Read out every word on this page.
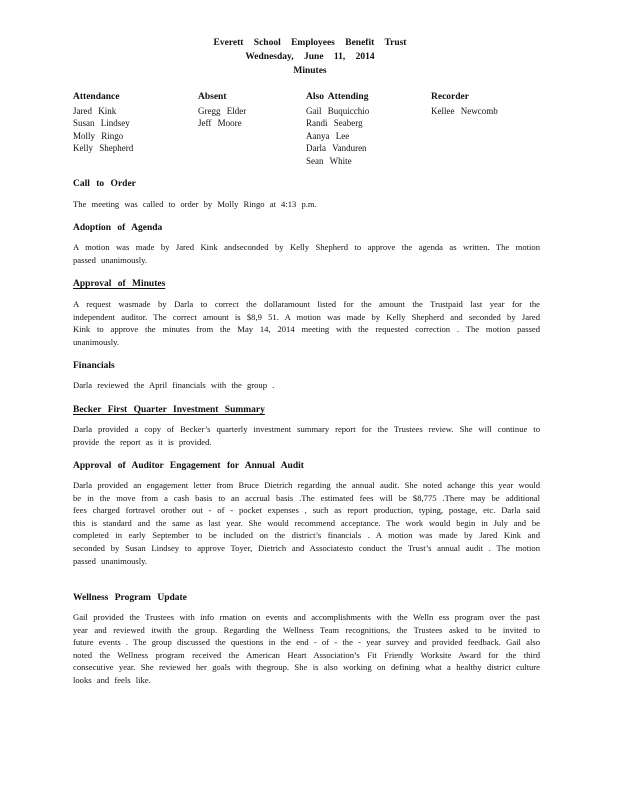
Everett School Employees Benefit Trust
Wednesday, June 11, 2014
Minutes
Attendance
Jared Kink
Susan Lindsey
Molly Ringo
Kelly Shepherd
Absent
Gregg Elder
Jeff Moore
Also Attending
Gail Buquicchio
Randi Seaberg
Aanya Lee
Darla Vanduren
Sean White
Recorder
Kellee Newcomb
Call to Order
The meeting was called to order by Molly Ringo at 4:13 p.m.
Adoption of Agenda
A motion was made by Jared Kink andseconded by Kelly Shepherd to approve the agenda as written. The motion passed unanimously.
Approval of Minutes
A request wasmade by Darla to correct the dollaramount listed for the amount the Trustpaid last year for the independent auditor. The correct amount is $8,9 51. A motion was made by Kelly Shepherd and seconded by Jared Kink to approve the minutes from the May 14, 2014 meeting with the requested correction . The motion passed unanimously.
Financials
Darla reviewed the April financials with the group .
Becker First Quarter Investment Summary
Darla provided a copy of Becker’s quarterly investment summary report for the Trustees review. She will continue to provide the report as it is provided.
Approval of Auditor Engagement for Annual Audit
Darla provided an engagement letter from Bruce Dietrich regarding the annual audit. She noted achange this year would be in the move from a cash basis to an accrual basis .The estimated fees will be $8,775 .There may be additional fees charged fortravel orother out - of - pocket expenses , such as report production, typing, postage, etc. Darla said this is standard and the same as last year. She would recommend acceptance. The work would begin in July and be completed in early September to be included on the district’s financials . A motion was made by Jared Kink and seconded by Susan Lindsey to approve Toyer, Dietrich and Associatesto conduct the Trust’s annual audit . The motion passed unanimously.
Wellness Program Update
Gail provided the Trustees with info rmation on events and accomplishments with the Welln ess program over the past year and reviewed itwith the group. Regarding the Wellness Team recognitions, the Trustees asked to be invited to future events . The group discussed the questions in the end - of - the - year survey and provided feedback. Gail also noted the Wellness program received the American Heart Association’s Fit Friendly Worksite Award for the third consecutive year. She reviewed her goals with thegroup. She is also working on defining what a healthy district culture looks and feels like.
